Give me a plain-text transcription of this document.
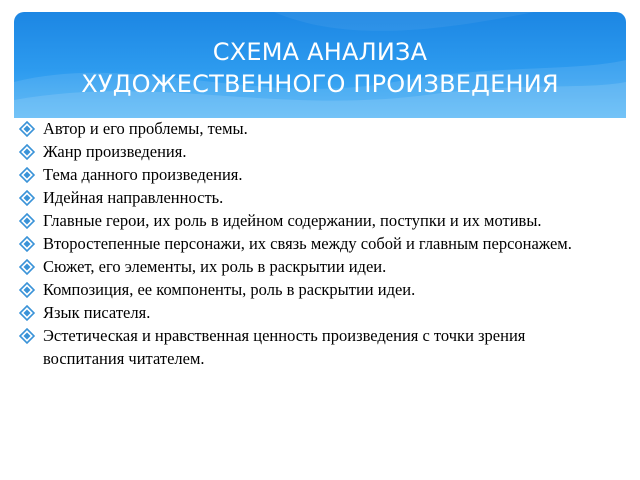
СХЕМА АНАЛИЗА
ХУДОЖЕСТВЕННОГО ПРОИЗВЕДЕНИЯ
Автор и его проблемы, темы.
Жанр произведения.
Тема данного произведения.
Идейная направленность.
Главные герои, их роль в идейном содержании, поступки и их мотивы.
Второстепенные персонажи, их связь между собой и главным персонажем.
Сюжет, его элементы, их роль в раскрытии идеи.
Композиция, ее компоненты, роль в раскрытии идеи.
Язык писателя.
Эстетическая и нравственная ценность произведения с точки зрения воспитания читателем.
